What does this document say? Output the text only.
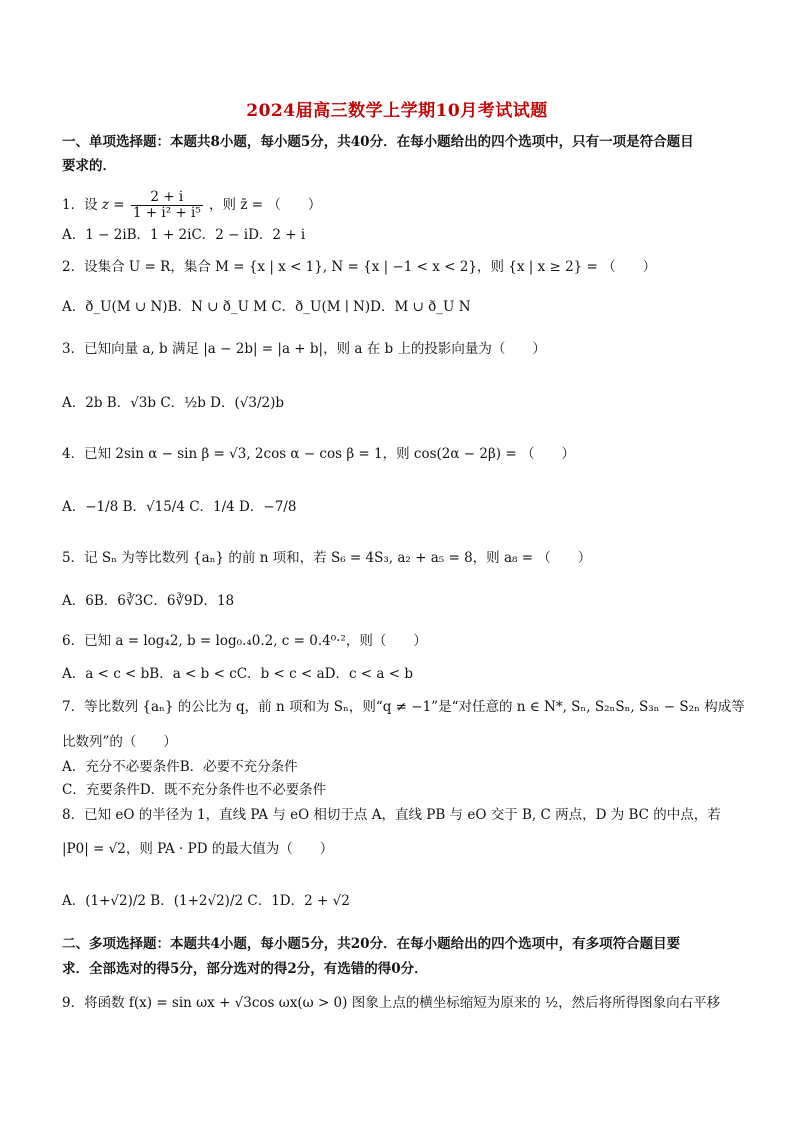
2024届高三数学上学期10月考试试题
一、单项选择题：本题共8小题，每小题5分，共40分．在每小题给出的四个选项中，只有一项是符合题目
要求的．
1．设 $z = \frac{2 + i}{\text{1 + i² + i⁵}}$ ，则 z̄ = （　　）
A．1 − 2iB．1 + 2iC．2 − iD．2 + i
2．设集合 U = R，集合 M = {x | x < 1}, N = {x | −1 < x < 2}，则 {x | x ≥ 2} = （　　）
A．ð_U(M ∪ N)B．N ∪ ð_U M C．ð_U(M ∣ N)D．M ∪ ð_U N
3．已知向量 a, b 满足 |a − 2b| = |a + b|，则 a 在 b 上的投影向量为（　　）
A．2b B．√3b C．½b D．(√3/2)b
4．已知 2sin α − sin β = √3, 2cos α − cos β = 1，则 cos(2α − 2β) = （　　）
A．−1/8 B．√15/4 C．1/4 D．−7/8
5．记 Sₙ 为等比数列 {aₙ} 的前 n 项和，若 S₆ = 4S₃, a₂ + a₅ = 8，则 a₈ = （　　）
A．6B．6∛3C．6∛9D．18
6．已知 a = log₄2, b = log₀.₄0.2, c = 0.4⁰·²，则（　　）
A．a < c < bB．a < b < cC．b < c < aD．c < a < b
7．等比数列 {aₙ} 的公比为 q，前 n 项和为 Sₙ，则“q ≠ −1”是“对任意的 n ∈ N*, Sₙ, S₂ₙSₙ, S₃ₙ − S₂ₙ 构成等
比数列”的（　　）
A．充分不必要条件B．必要不充分条件
C．充要条件D．既不充分条件也不必要条件
8．已知 eO 的半径为 1，直线 PA 与 eO 相切于点 A，直线 PB 与 eO 交于 B, C 两点，D 为 BC 的中点，若
|P0| = √2，则 PA · PD 的最大值为（　　）
A．(1+√2)/2 B．(1+2√2)/2 C．1D．2 + √2
二、多项选择题：本题共4小题，每小题5分，共20分．在每小题给出的四个选项中，有多项符合题目要
求．全部选对的得5分，部分选对的得2分，有选错的得0分．
9．将函数 f(x) = sin ωx + √3cos ωx(ω > 0) 图象上点的横坐标缩短为原来的 ½，然后将所得图象向右平移
